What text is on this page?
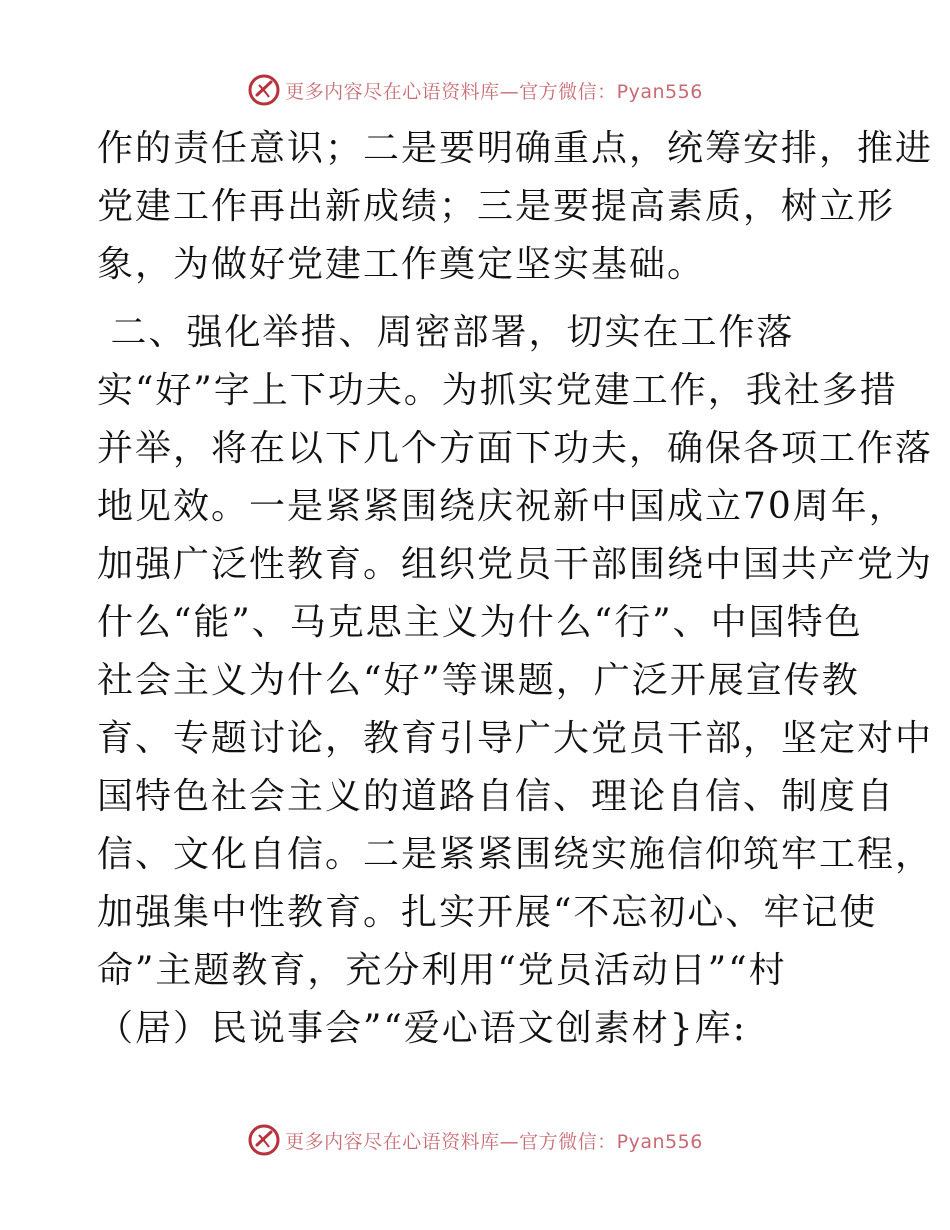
更多内容尽在心语资料库—官方微信：Pyan556
作的责任意识；二是要明确重点，统筹安排，推进
党建工作再出新成绩；三是要提高素质，树立形
象，为做好党建工作奠定坚实基础。
二、强化举措、周密部署，切实在工作落
实“好”字上下功夫。为抓实党建工作，我社多措
并举，将在以下几个方面下功夫，确保各项工作落
地见效。一是紧紧围绕庆祝新中国成立70周年，
加强广泛性教育。组织党员干部围绕中国共产党为
什么“能”、马克思主义为什么“行”、中国特色
社会主义为什么“好”等课题，广泛开展宣传教
育、专题讨论，教育引导广大党员干部，坚定对中
国特色社会主义的道路自信、理论自信、制度自
信、文化自信。二是紧紧围绕实施信仰筑牢工程，
加强集中性教育。扎实开展“不忘初心、牢记使
命”主题教育，充分利用“党员活动日”“村
（居）民说事会”“爱心语文创素材}库:
更多内容尽在心语资料库—官方微信：Pyan556
